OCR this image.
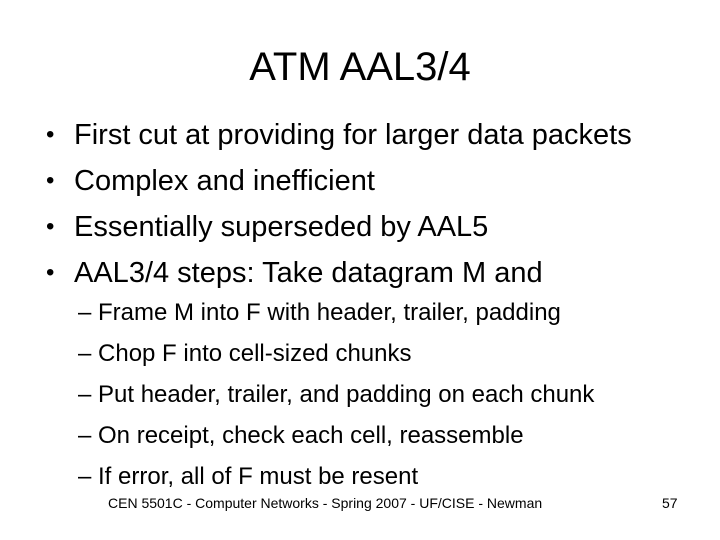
ATM AAL3/4
• First cut at providing for larger data packets
• Complex and inefficient
• Essentially superseded by AAL5
• AAL3/4 steps: Take datagram M and
– Frame M into F with header, trailer, padding
– Chop F into cell-sized chunks
– Put header, trailer, and padding on each chunk
– On receipt, check each cell, reassemble
– If error, all of F must be resent
CEN 5501C - Computer Networks - Spring 2007 - UF/CISE - Newman	57
